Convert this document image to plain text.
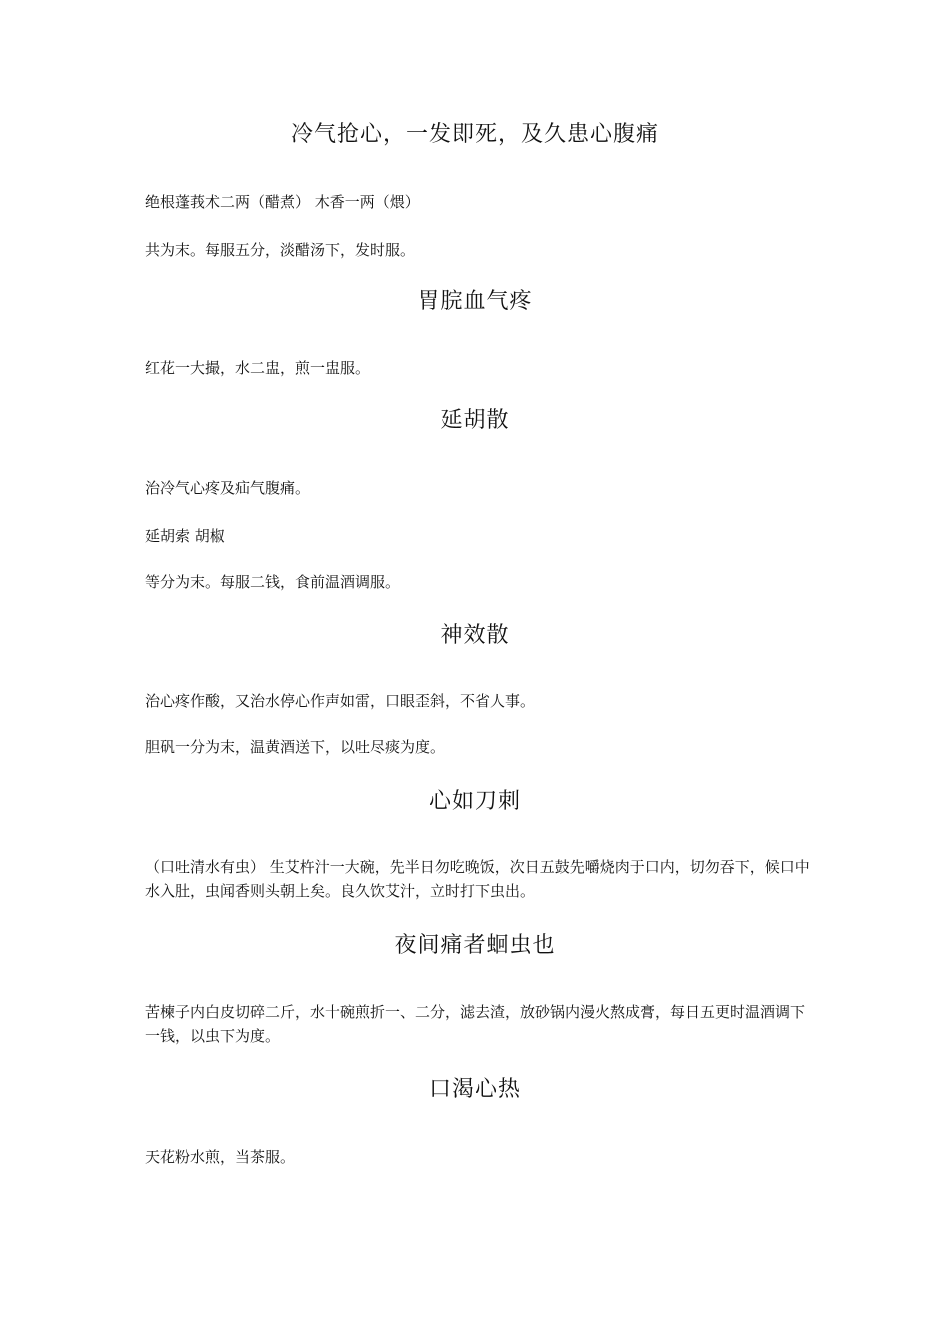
冷气抢心，一发即死，及久患心腹痛

绝根蓬莪术二两（醋煮） 木香一两（煨）

共为末。每服五分，淡醋汤下，发时服。

胃脘血气疼

红花一大撮，水二盅，煎一盅服。

延胡散

治冷气心疼及疝气腹痛。

延胡索 胡椒

等分为末。每服二钱，食前温酒调服。

神效散

治心疼作酸，又治水停心作声如雷，口眼歪斜，不省人事。

胆矾一分为末，温黄酒送下，以吐尽痰为度。

心如刀刺

（口吐清水有虫） 生艾杵汁一大碗，先半日勿吃晚饭，次日五鼓先嚼烧肉于口内，切勿吞下，候口中水入肚，虫闻香则头朝上矣。良久饮艾汁，立时打下虫出。

夜间痛者蛔虫也

苦楝子内白皮切碎二斤，水十碗煎折一、二分，滤去渣，放砂锅内漫火熬成膏，每日五更时温酒调下一钱，以虫下为度。

口渴心热

天花粉水煎，当茶服。
